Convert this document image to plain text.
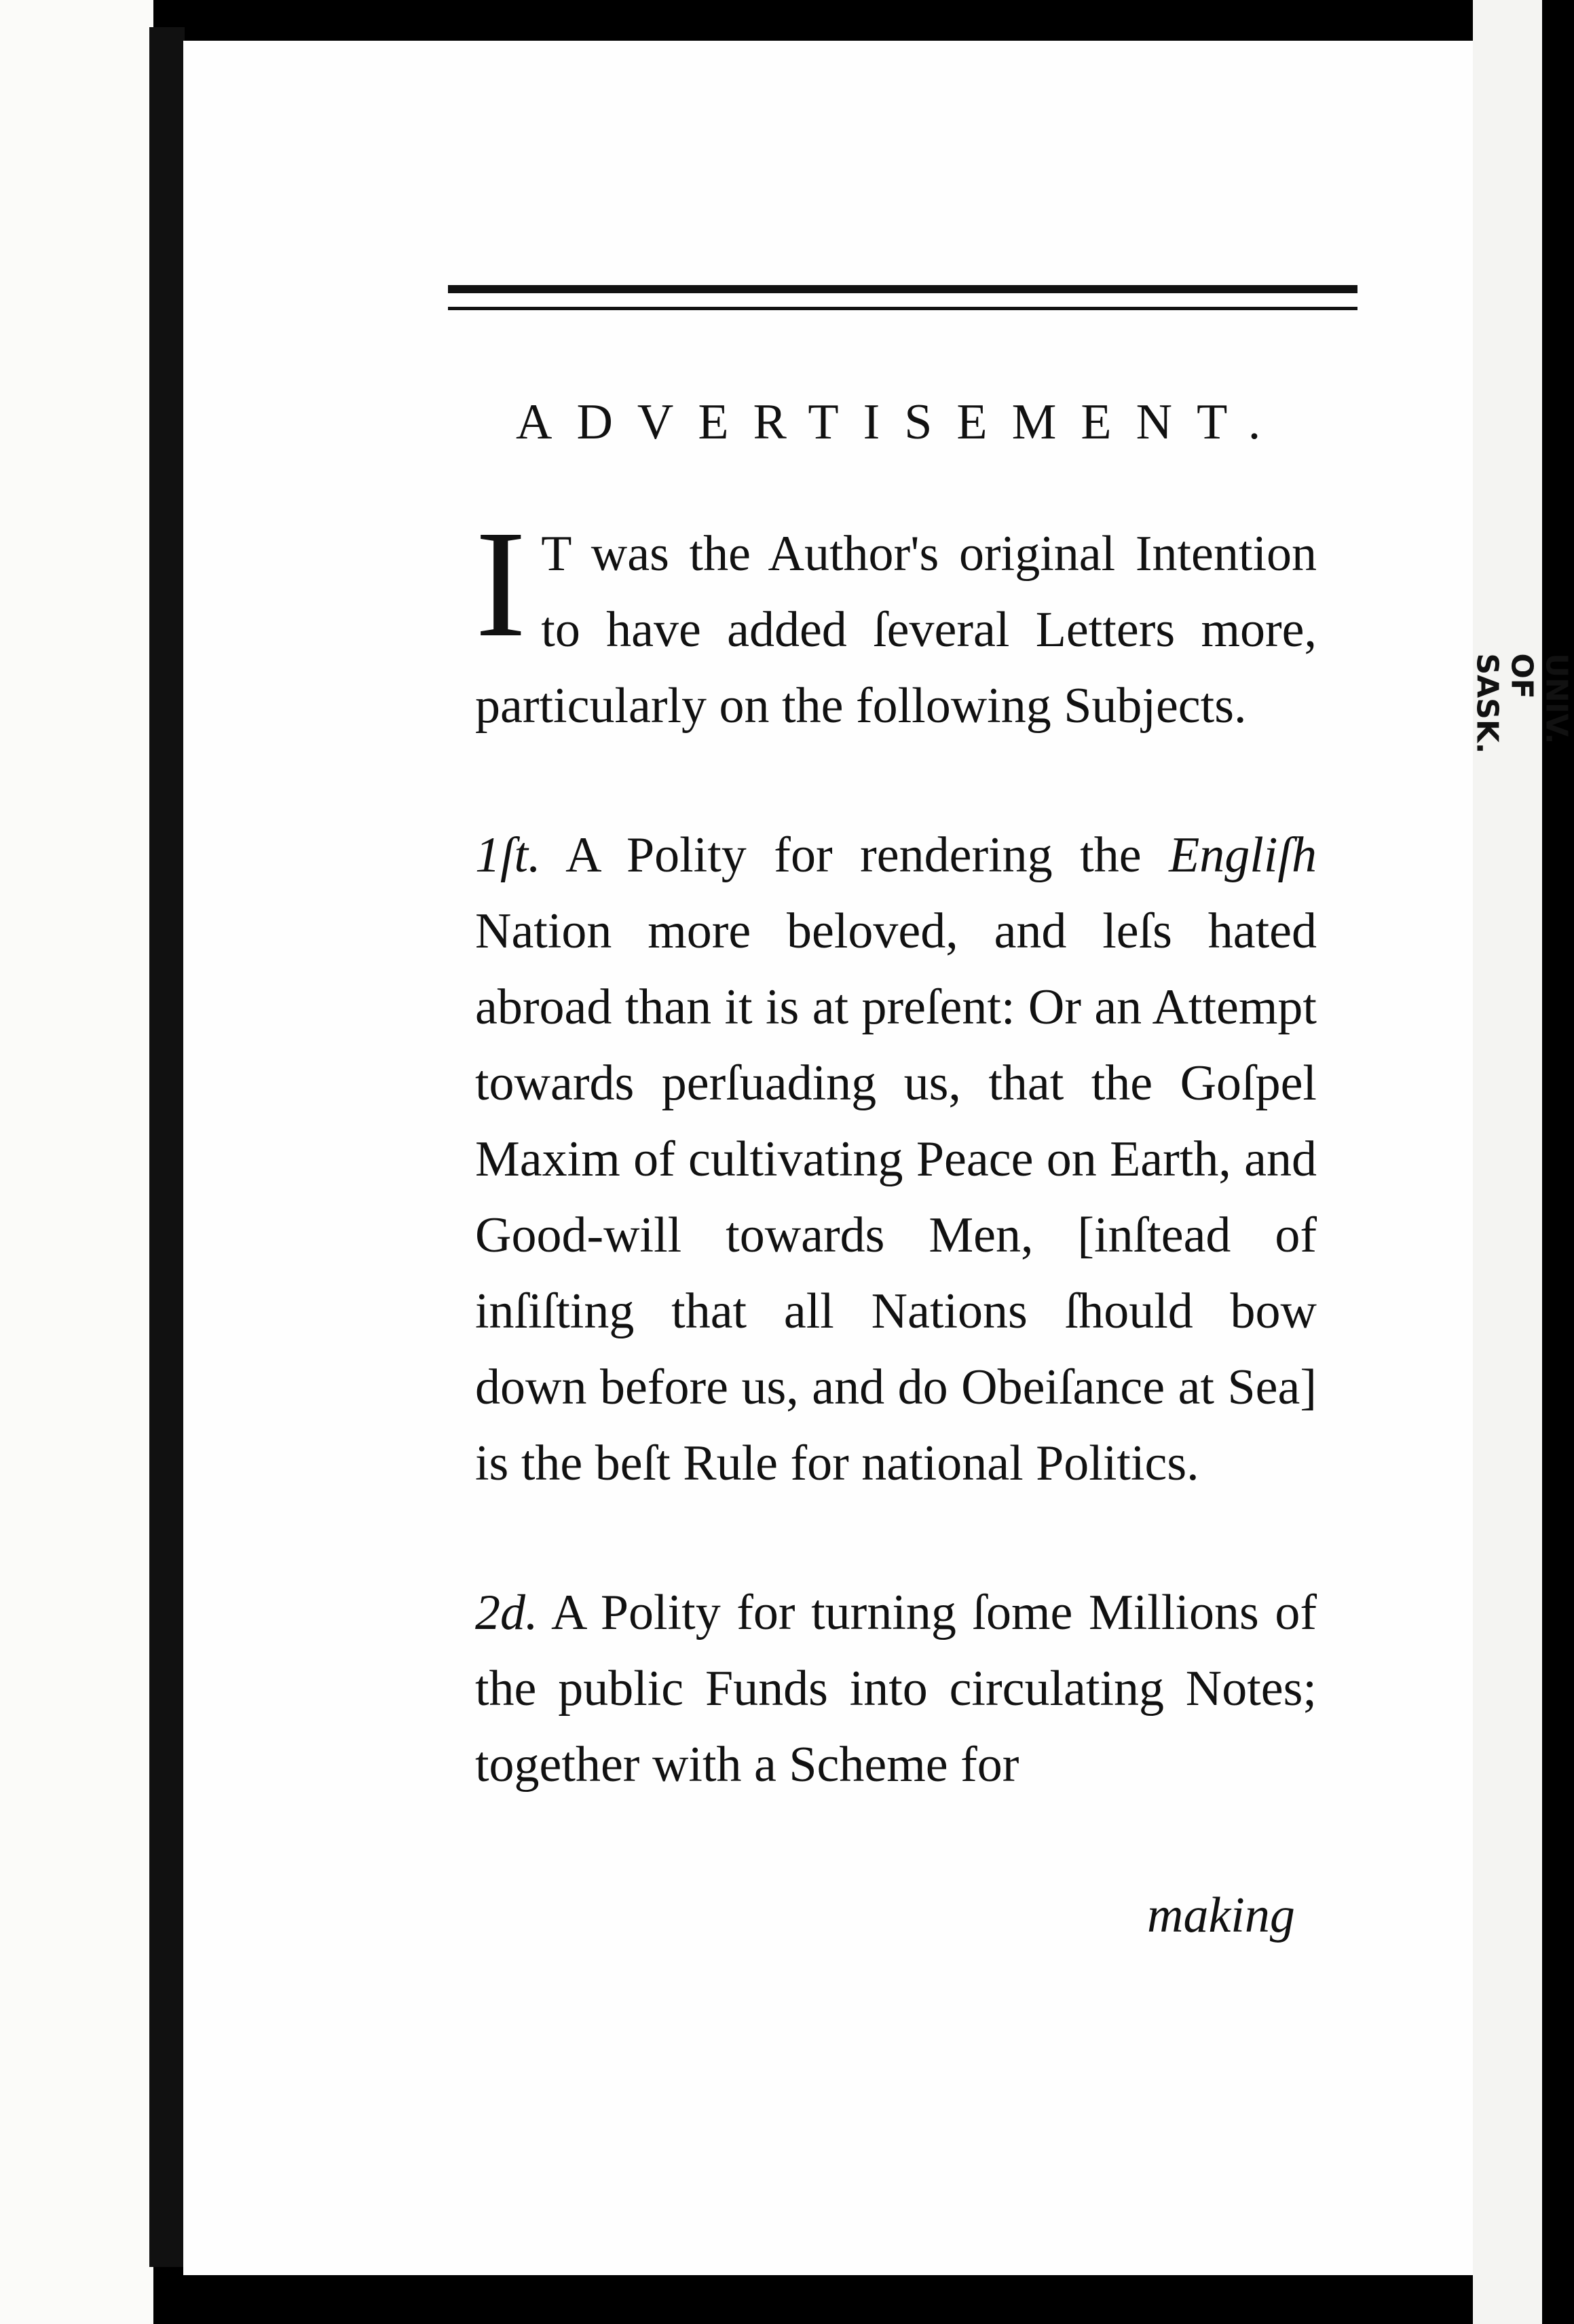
UNIV. OF SASK.
ADVERTISEMENT.

I T was the Author's original Intention to have added ſeveral Letters more, particularly on the following Subjects.

1ſt. A Polity for rendering the Engliſh Nation more beloved, and leſs hated abroad than it is at preſent: Or an Attempt towards perſuading us, that the Goſpel Maxim of cultivating Peace on Earth, and Good-will towards Men, [inſtead of inſiſting that all Nations ſhould bow down before us, and do Obeiſance at Sea] is the beſt Rule for national Politics.

2d. A Polity for turning ſome Millions of the public Funds into circulating Notes; together with a Scheme for

making
